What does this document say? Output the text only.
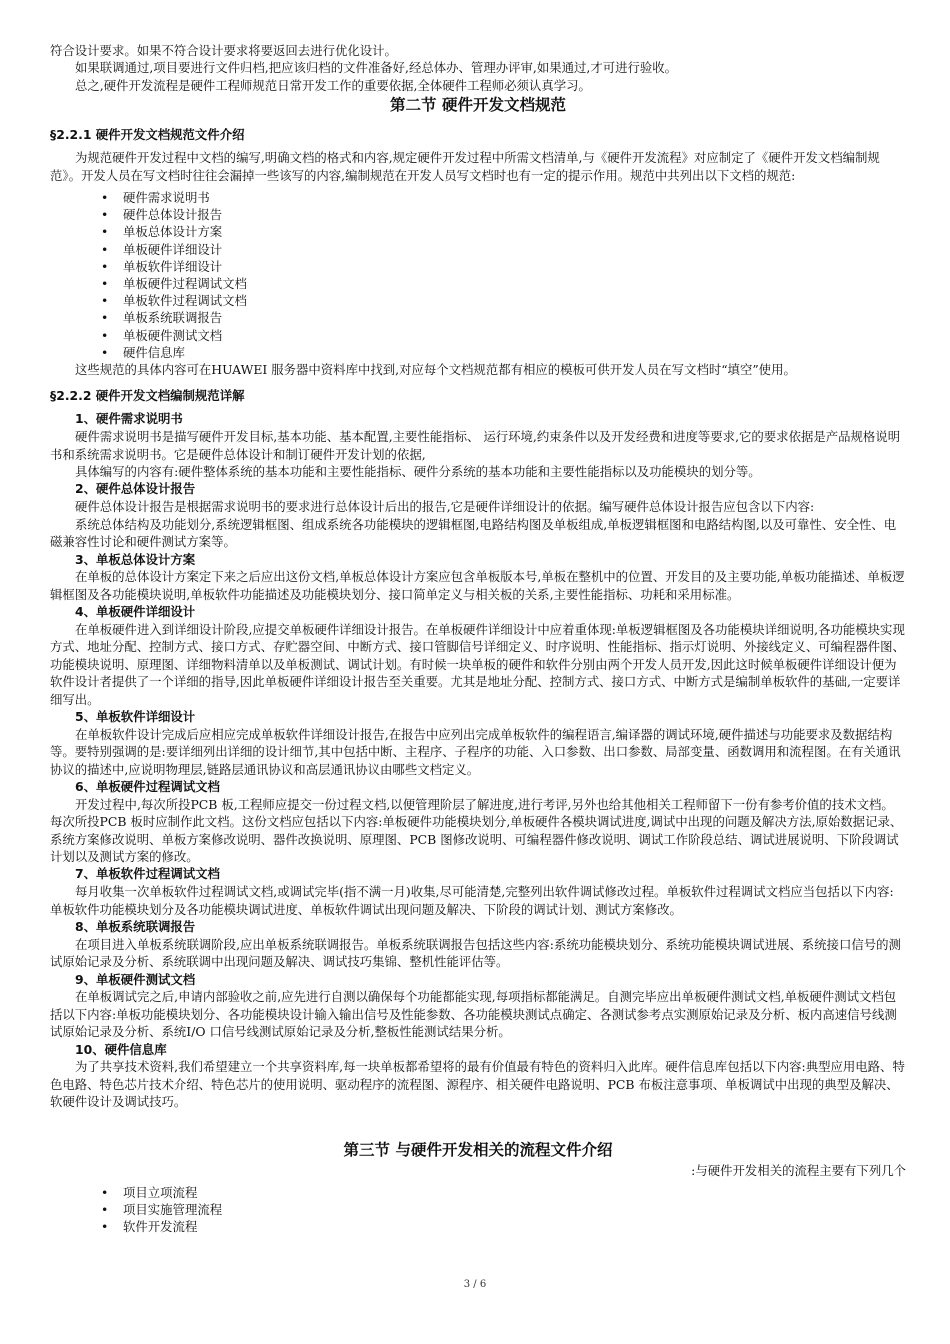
符合设计要求。如果不符合设计要求将要返回去进行优化设计。

如果联调通过,项目要进行文件归档,把应该归档的文件准备好,经总体办、管理办评审,如果通过,才可进行验收。

总之,硬件开发流程是硬件工程师规范日常开发工作的重要依据,全体硬件工程师必须认真学习。

第二节 硬件开发文档规范
§2.2.1 硬件开发文档规范文件介绍

为规范硬件开发过程中文档的编写,明确文档的格式和内容,规定硬件开发过程中所需文档清单,与《硬件开发流程》对应制定了《硬件开发文档编制规范》。开发人员在写文档时往往会漏掉一些该写的内容,编制规范在开发人员写文档时也有一定的提示作用。规范中共列出以下文档的规范:

• 硬件需求说明书
• 硬件总体设计报告
• 单板总体设计方案
• 单板硬件详细设计
• 单板软件详细设计
• 单板硬件过程调试文档
• 单板软件过程调试文档
• 单板系统联调报告
• 单板硬件测试文档
• 硬件信息库

这些规范的具体内容可在HUAWEI 服务器中资料库中找到,对应每个文档规范都有相应的模板可供开发人员在写文档时“填空”使用。

§2.2.2 硬件开发文档编制规范详解
1、硬件需求说明书

硬件需求说明书是描写硬件开发目标,基本功能、基本配置,主要性能指标、 运行环境,约束条件以及开发经费和进度等要求,它的要求依据是产品规格说明书和系统需求说明书。它是硬件总体设计和制订硬件开发计划的依据,

具体编写的内容有:硬件整体系统的基本功能和主要性能指标、硬件分系统的基本功能和主要性能指标以及功能模块的划分等。

2、硬件总体设计报告

硬件总体设计报告是根据需求说明书的要求进行总体设计后出的报告,它是硬件详细设计的依据。编写硬件总体设计报告应包含以下内容:

系统总体结构及功能划分,系统逻辑框图、组成系统各功能模块的逻辑框图,电路结构图及单板组成,单板逻辑框图和电路结构图,以及可靠性、安全性、电磁兼容性讨论和硬件测试方案等。

3、单板总体设计方案

在单板的总体设计方案定下来之后应出这份文档,单板总体设计方案应包含单板版本号,单板在整机中的位置、开发目的及主要功能,单板功能描述、单板逻辑框图及各功能模块说明,单板软件功能描述及功能模块划分、接口简单定义与相关板的关系,主要性能指标、功耗和采用标准。

4、单板硬件详细设计

在单板硬件进入到详细设计阶段,应提交单板硬件详细设计报告。在单板硬件详细设计中应着重体现:单板逻辑框图及各功能模块详细说明,各功能模块实现方式、地址分配、控制方式、接口方式、存贮器空间、中断方式、接口管脚信号详细定义、时序说明、性能指标、指示灯说明、外接线定义、可编程器件图、功能模块说明、原理图、详细物料清单以及单板测试、调试计划。有时候一块单板的硬件和软件分别由两个开发人员开发,因此这时候单板硬件详细设计便为软件设计者提供了一个详细的指导,因此单板硬件详细设计报告至关重要。尤其是地址分配、控制方式、接口方式、中断方式是编制单板软件的基础,一定要详细写出。

5、单板软件详细设计

在单板软件设计完成后应相应完成单板软件详细设计报告,在报告中应列出完成单板软件的编程语言,编译器的调试环境,硬件描述与功能要求及数据结构等。要特别强调的是:要详细列出详细的设计细节,其中包括中断、主程序、子程序的功能、入口参数、出口参数、局部变量、函数调用和流程图。在有关通讯协议的描述中,应说明物理层,链路层通讯协议和高层通讯协议由哪些文档定义。

6、单板硬件过程调试文档

开发过程中,每次所投PCB 板,工程师应提交一份过程文档,以便管理阶层了解进度,进行考评,另外也给其他相关工程师留下一份有参考价值的技术文档。每次所投PCB 板时应制作此文档。这份文档应包括以下内容:单板硬件功能模块划分,单板硬件各模块调试进度,调试中出现的问题及解决方法,原始数据记录、系统方案修改说明、单板方案修改说明、器件改换说明、原理图、PCB 图修改说明、可编程器件修改说明、调试工作阶段总结、调试进展说明、下阶段调试计划以及测试方案的修改。

7、单板软件过程调试文档

每月收集一次单板软件过程调试文档,或调试完毕(指不满一月)收集,尽可能清楚,完整列出软件调试修改过程。单板软件过程调试文档应当包括以下内容:单板软件功能模块划分及各功能模块调试进度、单板软件调试出现问题及解决、下阶段的调试计划、测试方案修改。

8、单板系统联调报告

在项目进入单板系统联调阶段,应出单板系统联调报告。单板系统联调报告包括这些内容:系统功能模块划分、系统功能模块调试进展、系统接口信号的测试原始记录及分析、系统联调中出现问题及解决、调试技巧集锦、整机性能评估等。

9、单板硬件测试文档

在单板调试完之后,申请内部验收之前,应先进行自测以确保每个功能都能实现,每项指标都能满足。自测完毕应出单板硬件测试文档,单板硬件测试文档包括以下内容:单板功能模块划分、各功能模块设计输入输出信号及性能参数、各功能模块测试点确定、各测试参考点实测原始记录及分析、板内高速信号线测试原始记录及分析、系统I/O 口信号线测试原始记录及分析,整板性能测试结果分析。

10、硬件信息库

为了共享技术资料,我们希望建立一个共享资料库,每一块单板都希望将的最有价值最有特色的资料归入此库。硬件信息库包括以下内容:典型应用电路、特色电路、特色芯片技术介绍、特色芯片的使用说明、驱动程序的流程图、源程序、相关硬件电路说明、PCB 布板注意事项、单板调试中出现的典型及解决、软硬件设计及调试技巧。

第三节 与硬件开发相关的流程文件介绍

:与硬件开发相关的流程主要有下列几个

• 项目立项流程
• 项目实施管理流程
• 软件开发流程
3 / 6
